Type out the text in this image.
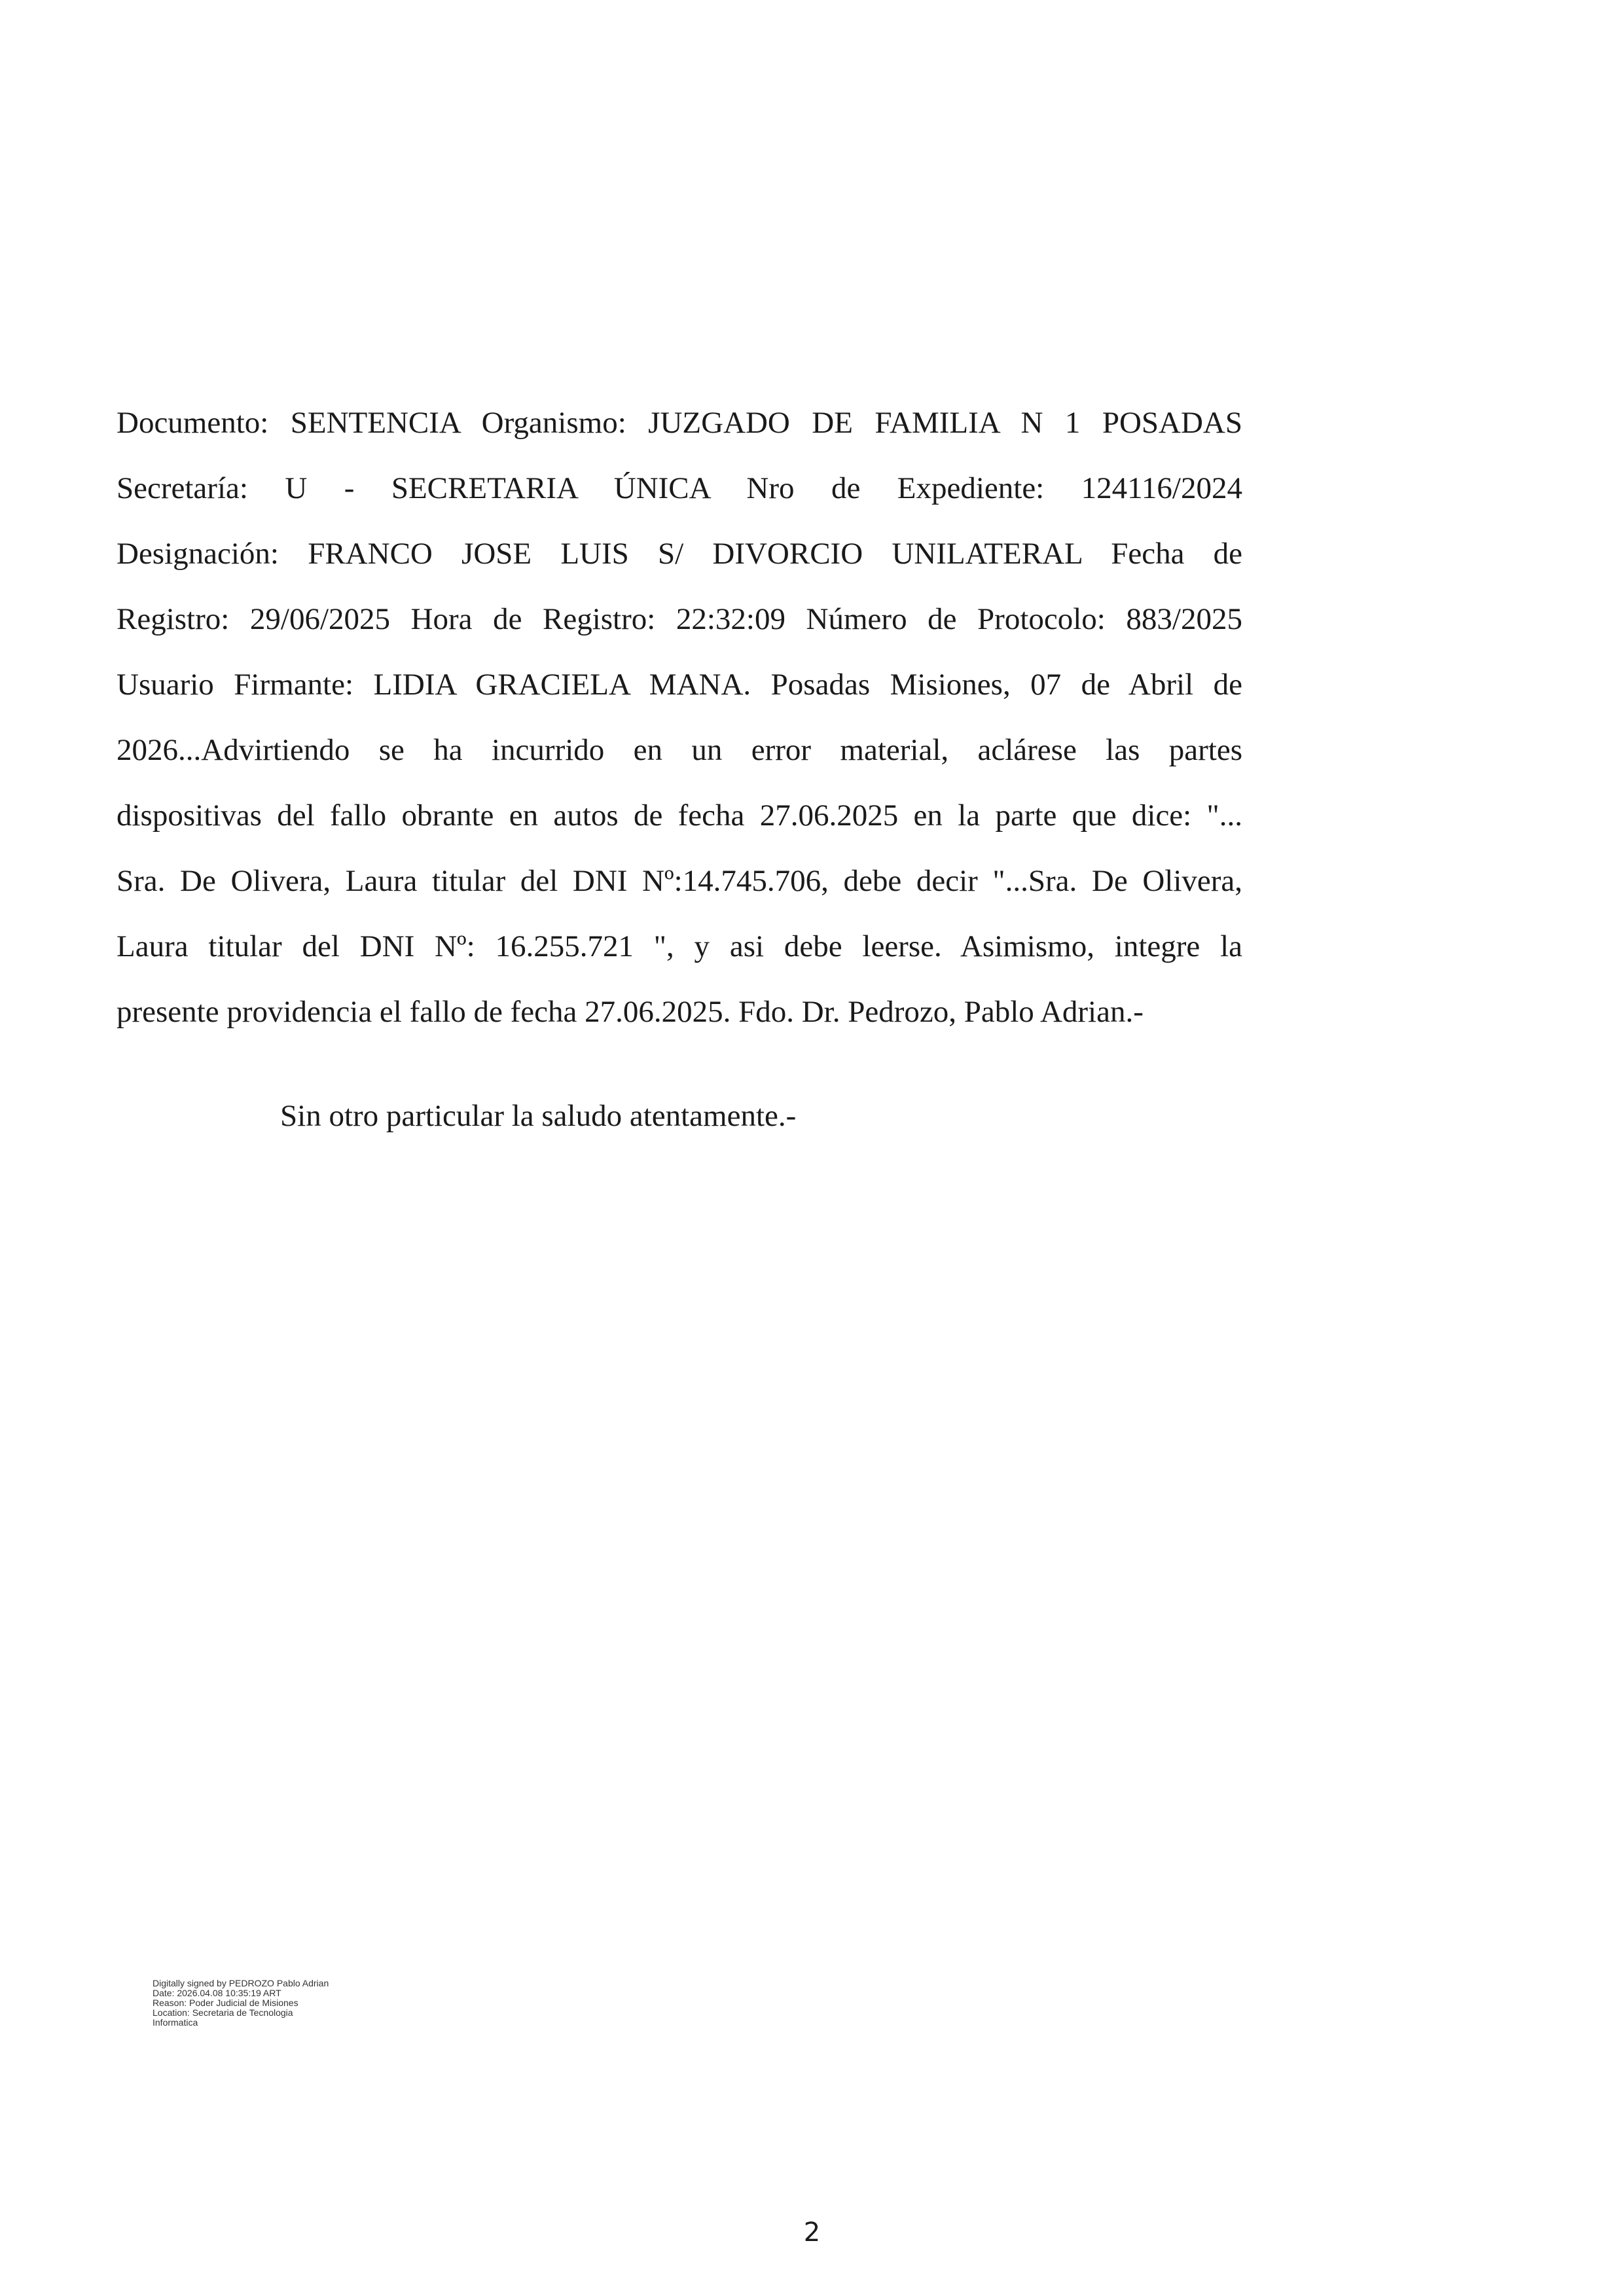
Documento: SENTENCIA Organismo: JUZGADO DE FAMILIA N 1 POSADAS
Secretaría: U - SECRETARIA ÚNICA Nro de Expediente: 124116/2024
Designación: FRANCO JOSE LUIS S/ DIVORCIO UNILATERAL Fecha de
Registro: 29/06/2025 Hora de Registro: 22:32:09 Número de Protocolo: 883/2025
Usuario Firmante: LIDIA GRACIELA MANA. Posadas Misiones, 07 de Abril de
2026...Advirtiendo se ha incurrido en un error material, aclárese las partes
dispositivas del fallo obrante en autos de fecha 27.06.2025 en la parte que dice: "...
Sra. De Olivera, Laura titular del DNI Nº:14.745.706, debe decir "...Sra. De Olivera,
Laura titular del DNI Nº: 16.255.721 ", y asi debe leerse. Asimismo, integre la
presente providencia el fallo de fecha 27.06.2025. Fdo. Dr. Pedrozo, Pablo Adrian.-

Sin otro particular la saludo atentamente.-

Digitally signed by PEDROZO Pablo Adrian
Date: 2026.04.08 10:35:19 ART
Reason: Poder Judicial de Misiones
Location: Secretaria de Tecnologia
Informatica
2
